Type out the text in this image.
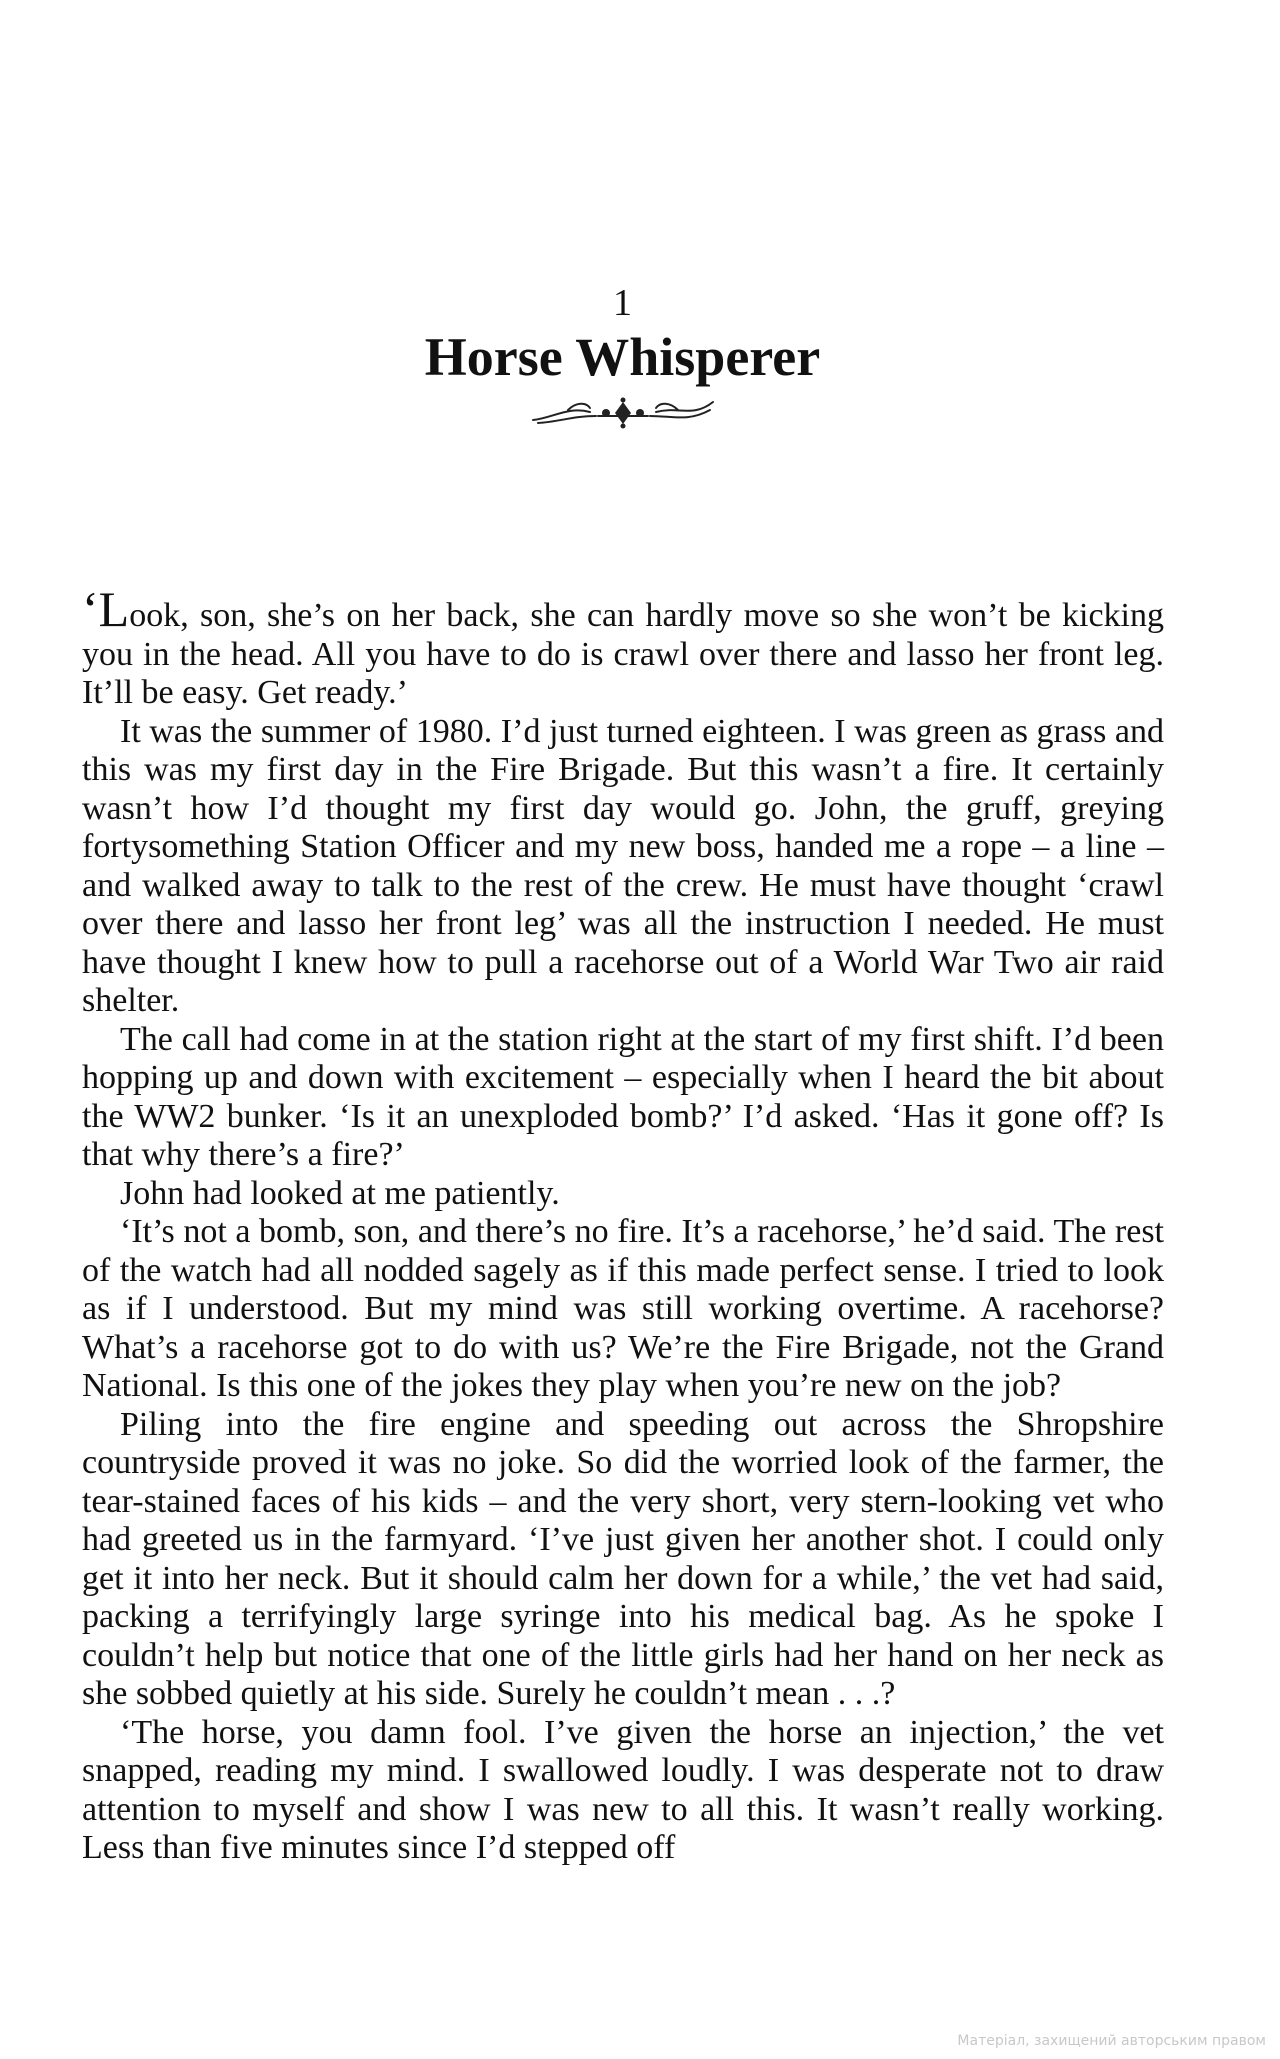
1
Horse Whisperer

‘Look, son, she’s on her back, she can hardly move so she won’t be kicking you in the head. All you have to do is crawl over there and lasso her front leg. It’ll be easy. Get ready.’

It was the summer of 1980. I’d just turned eighteen. I was green as grass and this was my first day in the Fire Brigade. But this wasn’t a fire. It certainly wasn’t how I’d thought my first day would go. John, the gruff, greying fortysomething Station Officer and my new boss, handed me a rope – a line – and walked away to talk to the rest of the crew. He must have thought ‘crawl over there and lasso her front leg’ was all the instruction I needed. He must have thought I knew how to pull a racehorse out of a World War Two air raid shelter.

The call had come in at the station right at the start of my first shift. I’d been hopping up and down with excitement – especially when I heard the bit about the WW2 bunker. ‘Is it an unexploded bomb?’ I’d asked. ‘Has it gone off? Is that why there’s a fire?’

John had looked at me patiently.

‘It’s not a bomb, son, and there’s no fire. It’s a racehorse,’ he’d said. The rest of the watch had all nodded sagely as if this made perfect sense. I tried to look as if I understood. But my mind was still working overtime. A racehorse? What’s a racehorse got to do with us? We’re the Fire Brigade, not the Grand National. Is this one of the jokes they play when you’re new on the job?

Piling into the fire engine and speeding out across the Shropshire countryside proved it was no joke. So did the worried look of the farmer, the tear-stained faces of his kids – and the very short, very stern-looking vet who had greeted us in the farmyard. ‘I’ve just given her another shot. I could only get it into her neck. But it should calm her down for a while,’ the vet had said, packing a terrifyingly large syringe into his medical bag. As he spoke I couldn’t help but notice that one of the little girls had her hand on her neck as she sobbed quietly at his side. Surely he couldn’t mean . . .?

‘The horse, you damn fool. I’ve given the horse an injection,’ the vet snapped, reading my mind. I swallowed loudly. I was desperate not to draw attention to myself and show I was new to all this. It wasn’t really working. Less than five minutes since I’d stepped off

Матеріал, захищений авторським правом
